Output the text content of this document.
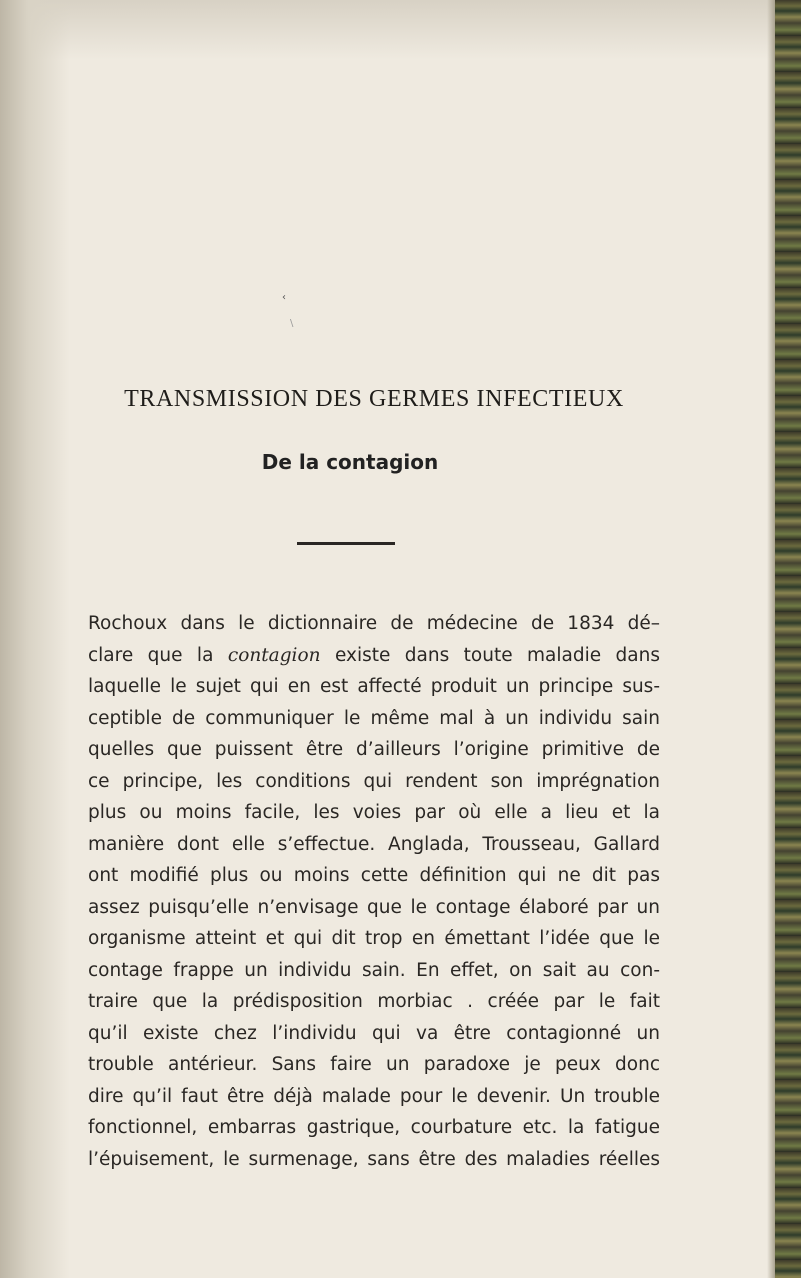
‹
\
TRANSMISSION DES GERMES INFECTIEUX
De la contagion
Rochoux dans le dictionnaire de médecine de 1834 dé–
clare que la contagion existe dans toute maladie dans
laquelle le sujet qui en est affecté produit un principe sus-
ceptible de communiquer le même mal à un individu sain
quelles que puissent être d’ailleurs l’origine primitive de
ce principe, les conditions qui rendent son imprégnation
plus ou moins facile, les voies par où elle a lieu et la
manière dont elle s’effectue. Anglada, Trousseau, Gallard
ont modifié plus ou moins cette définition qui ne dit pas
assez puisqu’elle n’envisage que le contage élaboré par un
organisme atteint et qui dit trop en émettant l’idée que le
contage frappe un individu sain. En effet, on sait au con-
traire que la prédisposition morbiac . créée par le fait
qu’il existe chez l’individu qui va être contagionné un
trouble antérieur. Sans faire un paradoxe je peux donc
dire qu’il faut être déjà malade pour le devenir. Un trouble
fonctionnel, embarras gastrique, courbature etc. la fatigue
l’épuisement, le surmenage, sans être des maladies réelles
